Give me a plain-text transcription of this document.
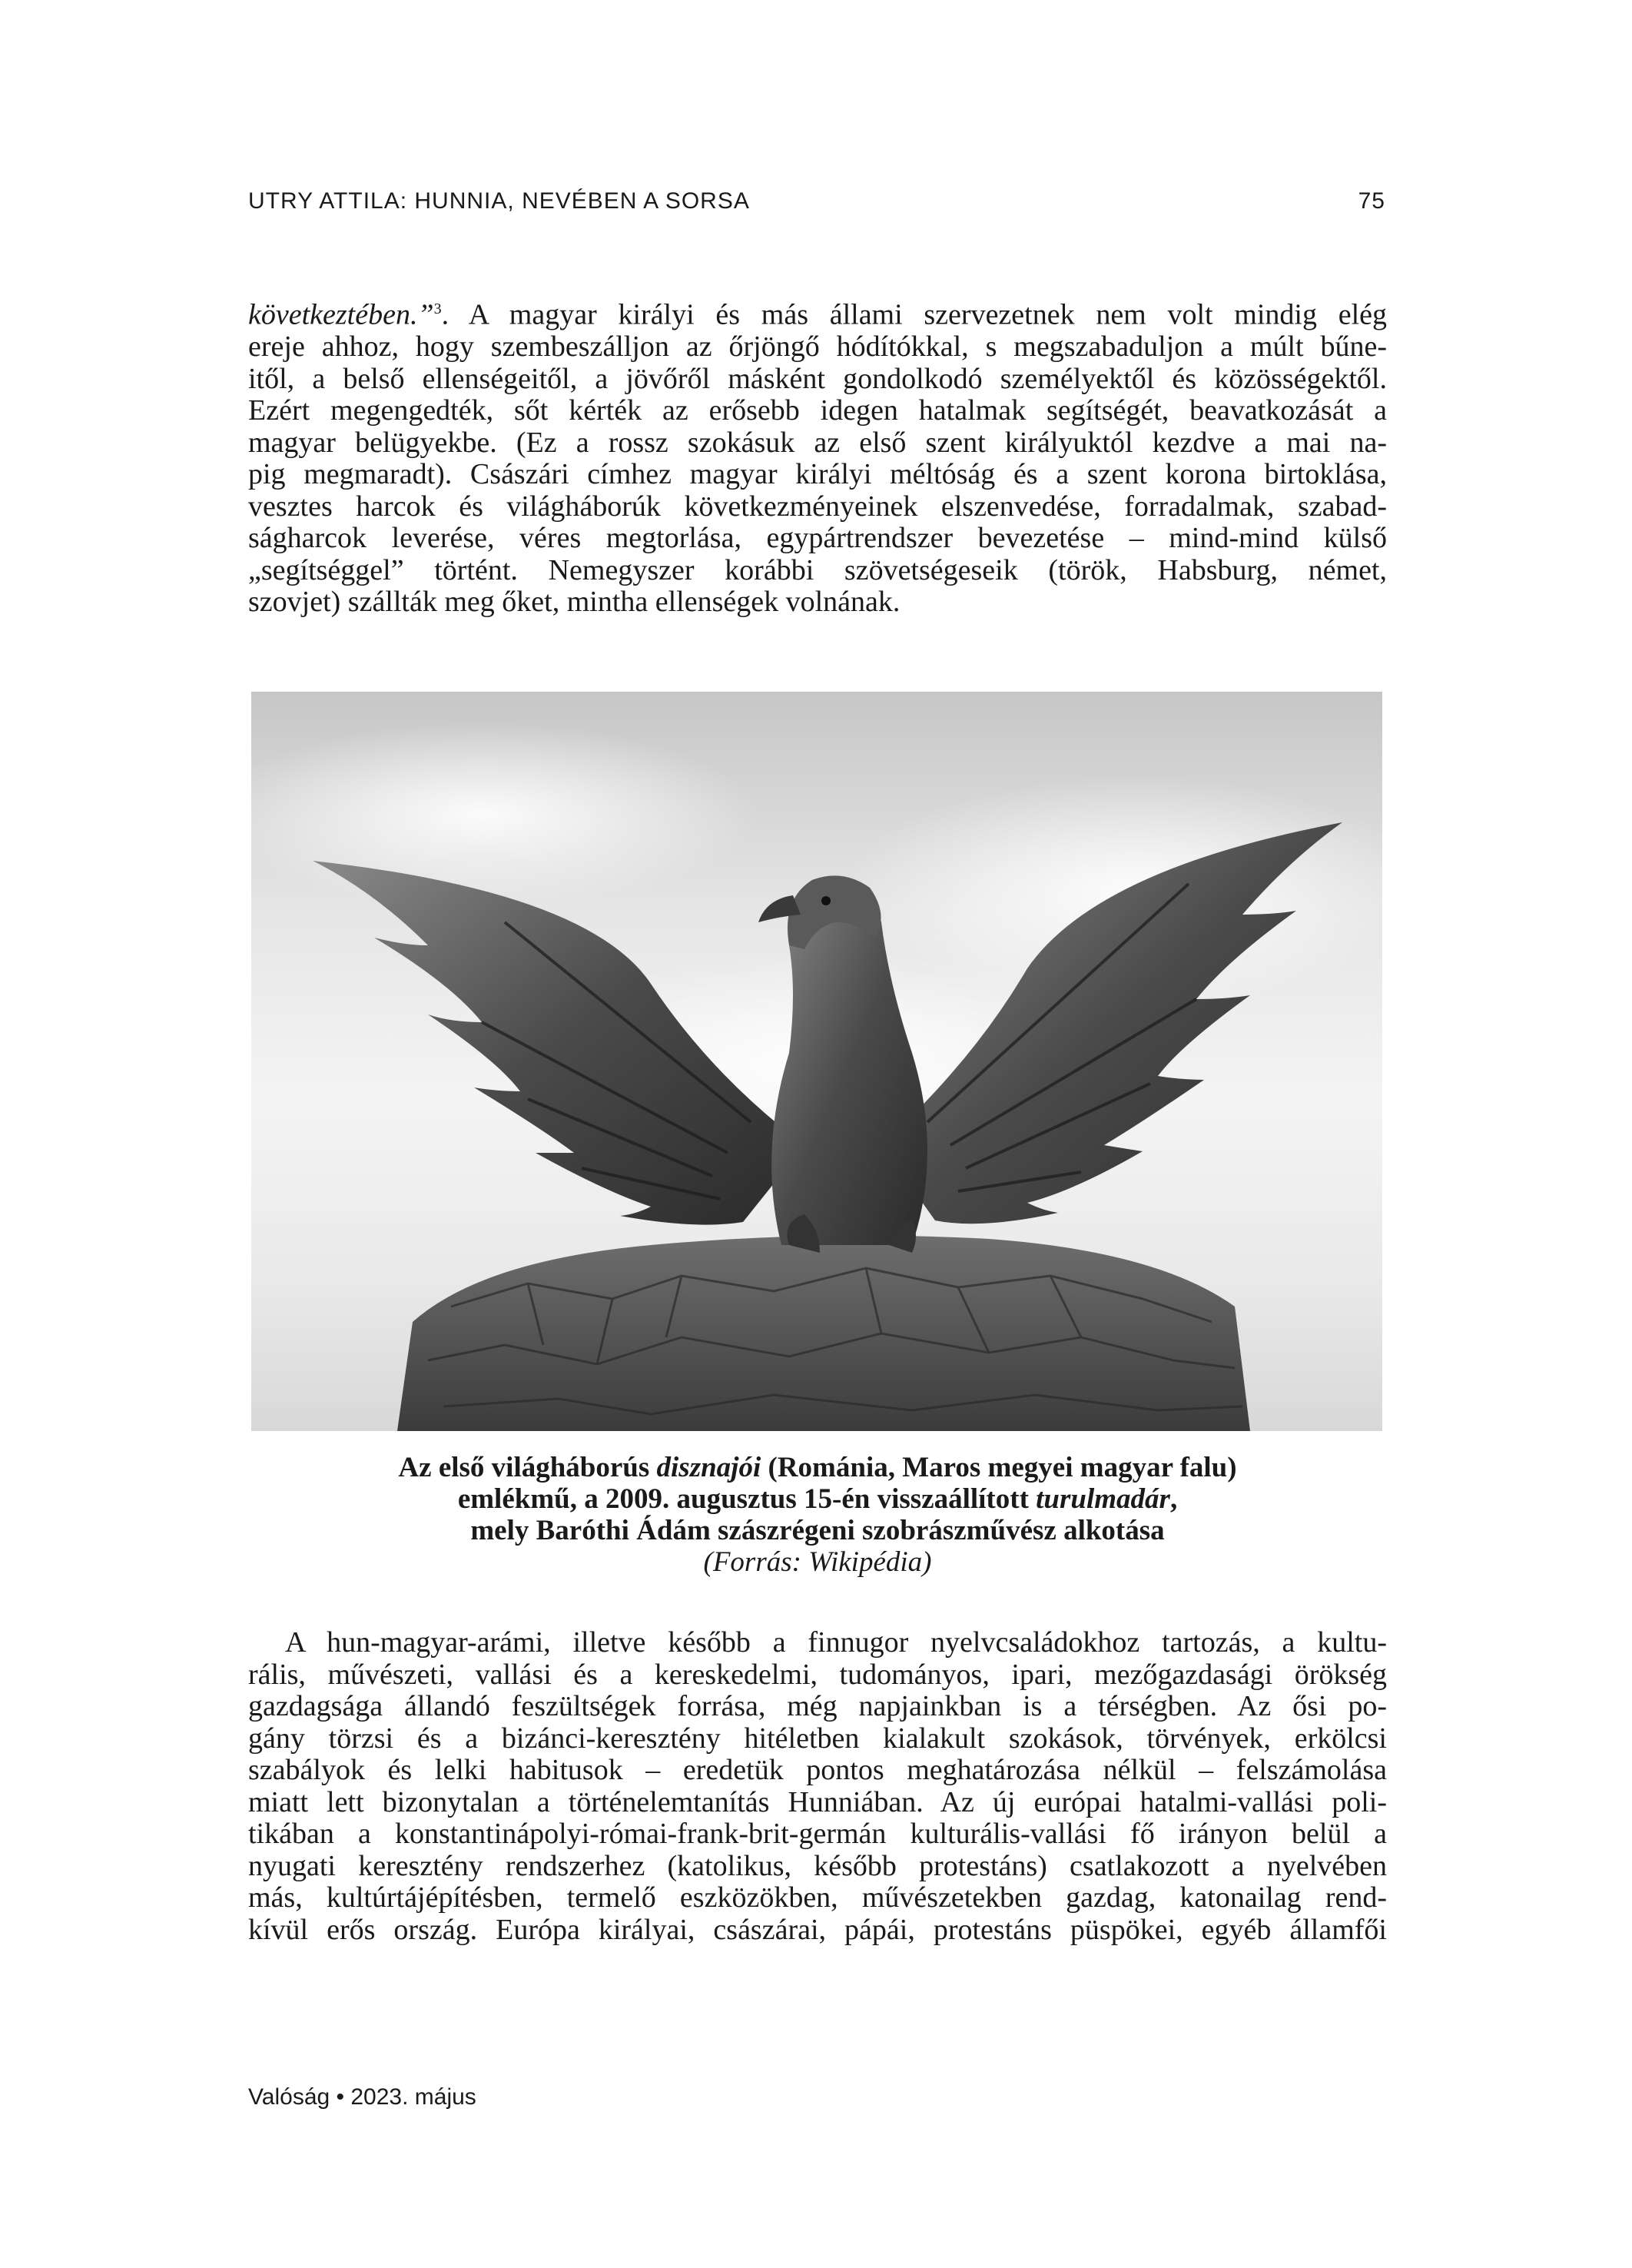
UTRY ATTILA: HUNNIA, NEVÉBEN A SORSA	75
következtében.”$^3$. A magyar királyi és más állami szervezetnek nem volt mindig elég
ereje ahhoz, hogy szembeszálljon az őrjöngő hódítókkal, s megszabaduljon a múlt bűne-
itől, a belső ellenségeitől, a jövőről másként gondolkodó személyektől és közösségektől.
Ezért megengedték, sőt kérték az erősebb idegen hatalmak segítségét, beavatkozását a
magyar belügyekbe. (Ez a rossz szokásuk az első szent királyuktól kezdve a mai na-
pig megmaradt). Császári címhez magyar királyi méltóság és a szent korona birtoklása,
vesztes harcok és világháborúk következményeinek elszenvedése, forradalmak, szabad-
ságharcok leverése, véres megtorlása, egypártrendszer bevezetése – mind-mind külső
„segítséggel” történt. Nemegyszer korábbi szövetségeseik (török, Habsburg, német,
szovjet) szállták meg őket, mintha ellenségek volnának.
Az első világháborús disznajói (Románia, Maros megyei magyar falu)
emlékmű, a 2009. augusztus 15-én visszaállított turulmadár,
mely Baróthi Ádám szászrégeni szobrászművész alkotása
(Forrás: Wikipédia)
A hun-magyar-arámi, illetve később a finnugor nyelvcsaládokhoz tartozás, a kultu-
rális, művészeti, vallási és a kereskedelmi, tudományos, ipari, mezőgazdasági örökség
gazdagsága állandó feszültségek forrása, még napjainkban is a térségben. Az ősi po-
gány törzsi és a bizánci-keresztény hitéletben kialakult szokások, törvények, erkölcsi
szabályok és lelki habitusok – eredetük pontos meghatározása nélkül – felszámolása
miatt lett bizonytalan a történelemtanítás Hunniában. Az új európai hatalmi-vallási poli-
tikában a konstantinápolyi-római-frank-brit-germán kulturális-vallási fő irányon belül a
nyugati keresztény rendszerhez (katolikus, később protestáns) csatlakozott a nyelvében
más, kultúrtájépítésben, termelő eszközökben, művészetekben gazdag, katonailag rend-
kívül erős ország. Európa királyai, császárai, pápái, protestáns püspökei, egyéb államfői
Valóság • 2023. május
